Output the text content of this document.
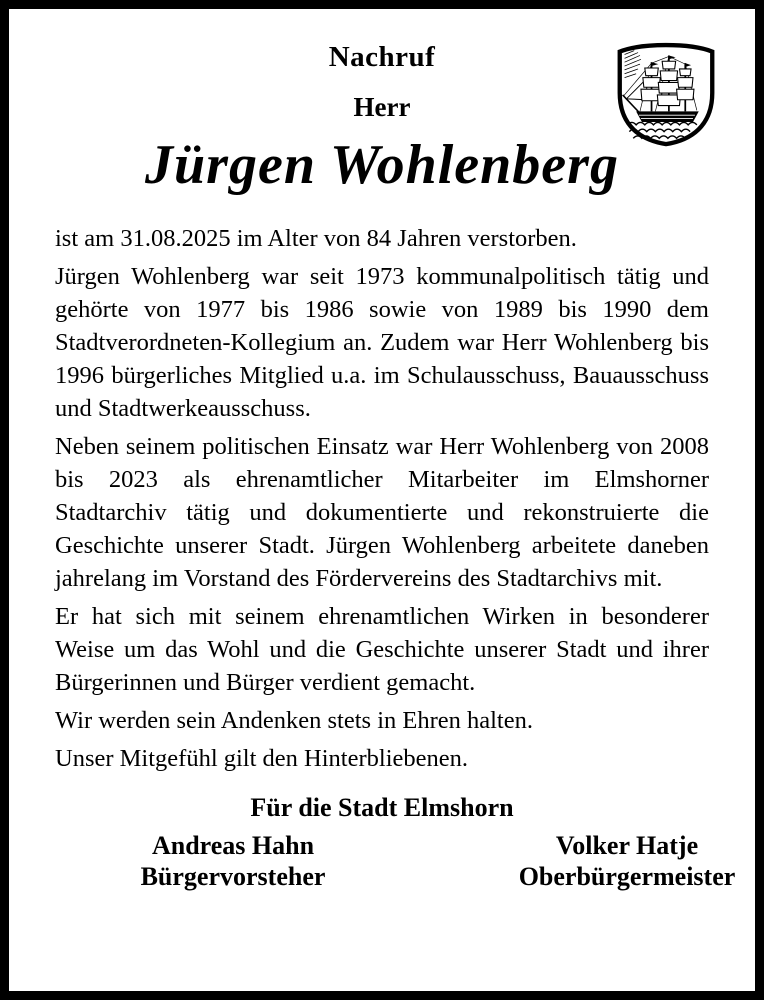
Nachruf
Herr
Jürgen Wohlenberg

ist am 31.08.2025 im Alter von 84 Jahren verstorben.

Jürgen Wohlenberg war seit 1973 kommunalpolitisch tätig und gehörte von 1977 bis 1986 sowie von 1989 bis 1990 dem Stadtverordneten-Kollegium an. Zudem war Herr Wohlenberg bis 1996 bürgerliches Mitglied u.a. im Schulausschuss, Bauausschuss und Stadtwerkeausschuss.

Neben seinem politischen Einsatz war Herr Wohlenberg von 2008 bis 2023 als ehrenamtlicher Mitarbeiter im Elmshorner Stadtarchiv tätig und dokumentierte und rekonstruierte die Geschichte unserer Stadt. Jürgen Wohlenberg arbeitete daneben jahrelang im Vorstand des Fördervereins des Stadtarchivs mit.

Er hat sich mit seinem ehrenamtlichen Wirken in besonderer Weise um das Wohl und die Geschichte unserer Stadt und ihrer Bürgerinnen und Bürger verdient gemacht.

Wir werden sein Andenken stets in Ehren halten.

Unser Mitgefühl gilt den Hinterbliebenen.

Für die Stadt Elmshorn
Andreas Hahn
Bürgervorsteher
Volker Hatje
Oberbürgermeister
